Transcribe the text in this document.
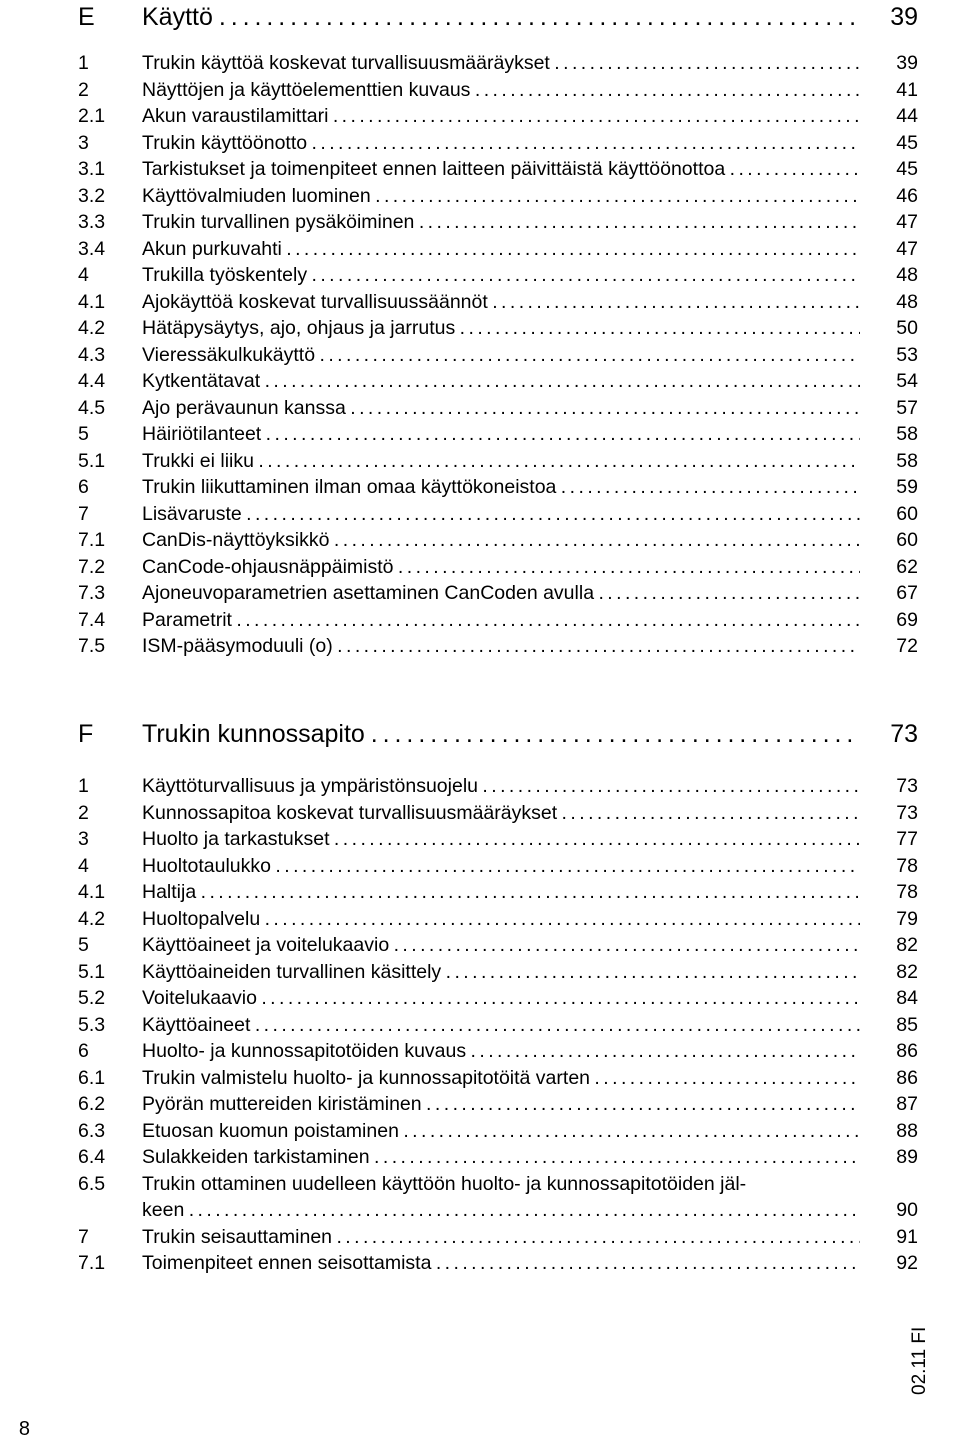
E Käyttö . . .	39
1	Trukin käyttöä koskevat turvallisuusmääräykset . . .	39
2	Näyttöjen ja käyttöelementtien kuvaus . . .	41
2.1 Akun varaustilamittari . . .	44
3	Trukin käyttöönotto . . .	45
3.1 Tarkistukset ja toimenpiteet ennen laitteen päivittäistä käyttöönottoa . . .	45
3.2 Käyttövalmiuden luominen . . .	46
3.3 Trukin turvallinen pysäköiminen . . .	47
3.4 Akun purkuvahti . . .	47
4	Trukilla työskentely . . .	48
4.1 Ajokäyttöä koskevat turvallisuussäännöt . . .	48
4.2 Hätäpysäytys, ajo, ohjaus ja jarrutus . . .	50
4.3 Vieressäkulkukäyttö . . .	53
4.4 Kytkentätavat . . .	54
4.5 Ajo perävaunun kanssa . . .	57
5	Häiriötilanteet . . .	58
5.1 Trukki ei liiku . . .	58
6	Trukin liikuttaminen ilman omaa käyttökoneistoa . . .	59
7	Lisävaruste . . .	60
7.1 CanDis-näyttöyksikkö . . .	60
7.2 CanCode-ohjausnäppäimistö . . .	62
7.3 Ajoneuvoparametrien asettaminen CanCoden avulla . . .	67
7.4 Parametrit . . .	69
7.5 ISM-pääsymoduuli (o) . . .	72
F Trukin kunnossapito . . .	73
1	Käyttöturvallisuus ja ympäristönsuojelu . . .	73
2	Kunnossapitoa koskevat turvallisuusmääräykset . . .	73
3	Huolto ja tarkastukset . . .	77
4	Huoltotaulukko . . .	78
4.1 Haltija . . .	78
4.2 Huoltopalvelu . . .	79
5	Käyttöaineet ja voitelukaavio . . .	82
5.1 Käyttöaineiden turvallinen käsittely . . .	82
5.2 Voitelukaavio . . .	84
5.3 Käyttöaineet . . .	85
6	Huolto- ja kunnossapitotöiden kuvaus . . .	86
6.1 Trukin valmistelu huolto- ja kunnossapitotöitä varten . . .	86
6.2 Pyörän muttereiden kiristäminen . . .	87
6.3 Etuosan kuomun poistaminen . . .	88
6.4 Sulakkeiden tarkistaminen . . .	89
6.5 Trukin ottaminen uudelleen käyttöön huolto- ja kunnossapitotöiden jäl-
keen . . .	90
7	Trukin seisauttaminen . . .	91
7.1 Toimenpiteet ennen seisottamista . . .	92
8
02.11 FI
